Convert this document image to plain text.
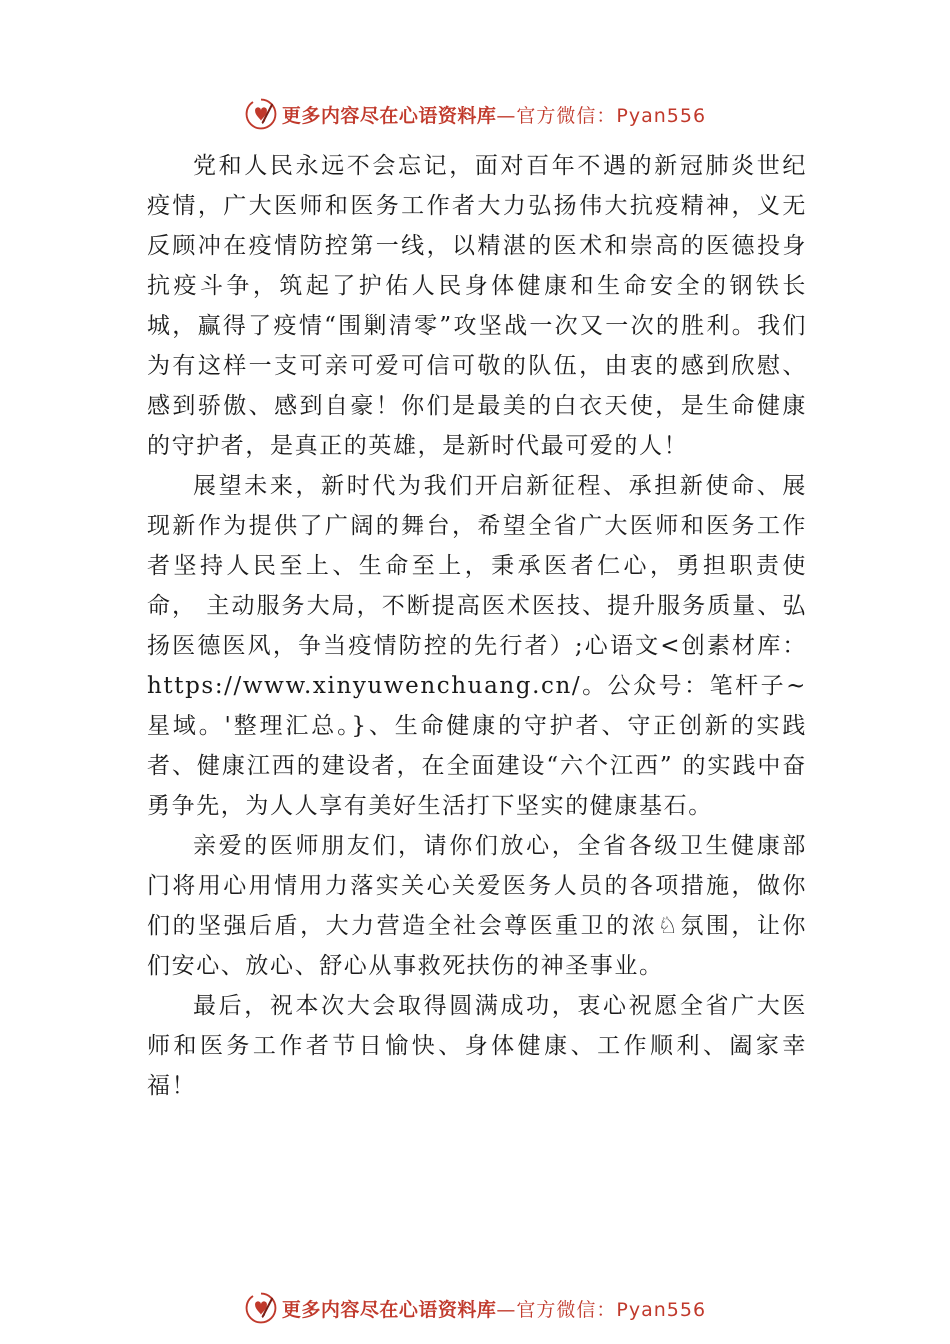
更多内容尽在心语资料库 —官方微信：Pyan556

党和人民永远不会忘记，面对百年不遇的新冠肺炎世纪疫情，广大医师和医务工作者大力弘扬伟大抗疫精神，义无反顾冲在疫情防控第一线，以精湛的医术和崇高的医德投身抗疫斗争，筑起了护佑人民身体健康和生命安全的钢铁长城，赢得了疫情“围剿清零”攻坚战一次又一次的胜利。我们为有这样一支可亲可爱可信可敬的队伍，由衷的感到欣慰、感到骄傲、感到自豪！你们是最美的白衣天使，是生命健康的守护者，是真正的英雄，是新时代最可爱的人！

展望未来，新时代为我们开启新征程、承担新使命、展现新作为提供了广阔的舞台，希望全省广大医师和医务工作者坚持人民至上、生命至上，秉承医者仁心，勇担职责使命， 主动服务大局，不断提高医术医技、提升服务质量、弘扬医德医风，争当疫情防控的先行者）;心语文<创素材库：https://www.xinyuwenchuang.cn/。公众号：笔杆子~星域。'整理汇总。}、生命健康的守护者、守正创新的实践者、健康江西的建设者，在全面建设“六个江西” 的实践中奋勇争先，为人人享有美好生活打下坚实的健康基石。

亲爱的医师朋友们，请你们放心，全省各级卫生健康部门将用心用情用力落实关心关爱医务人员的各项措施，做你们的坚强后盾，大力营造全社会尊医重卫的浓♘氛围，让你们安心、放心、舒心从事救死扶伤的神圣事业。

最后，祝本次大会取得圆满成功，衷心祝愿全省广大医师和医务工作者节日愉快、身体健康、工作顺利、阖家幸福！

更多内容尽在心语资料库 —官方微信：Pyan556
